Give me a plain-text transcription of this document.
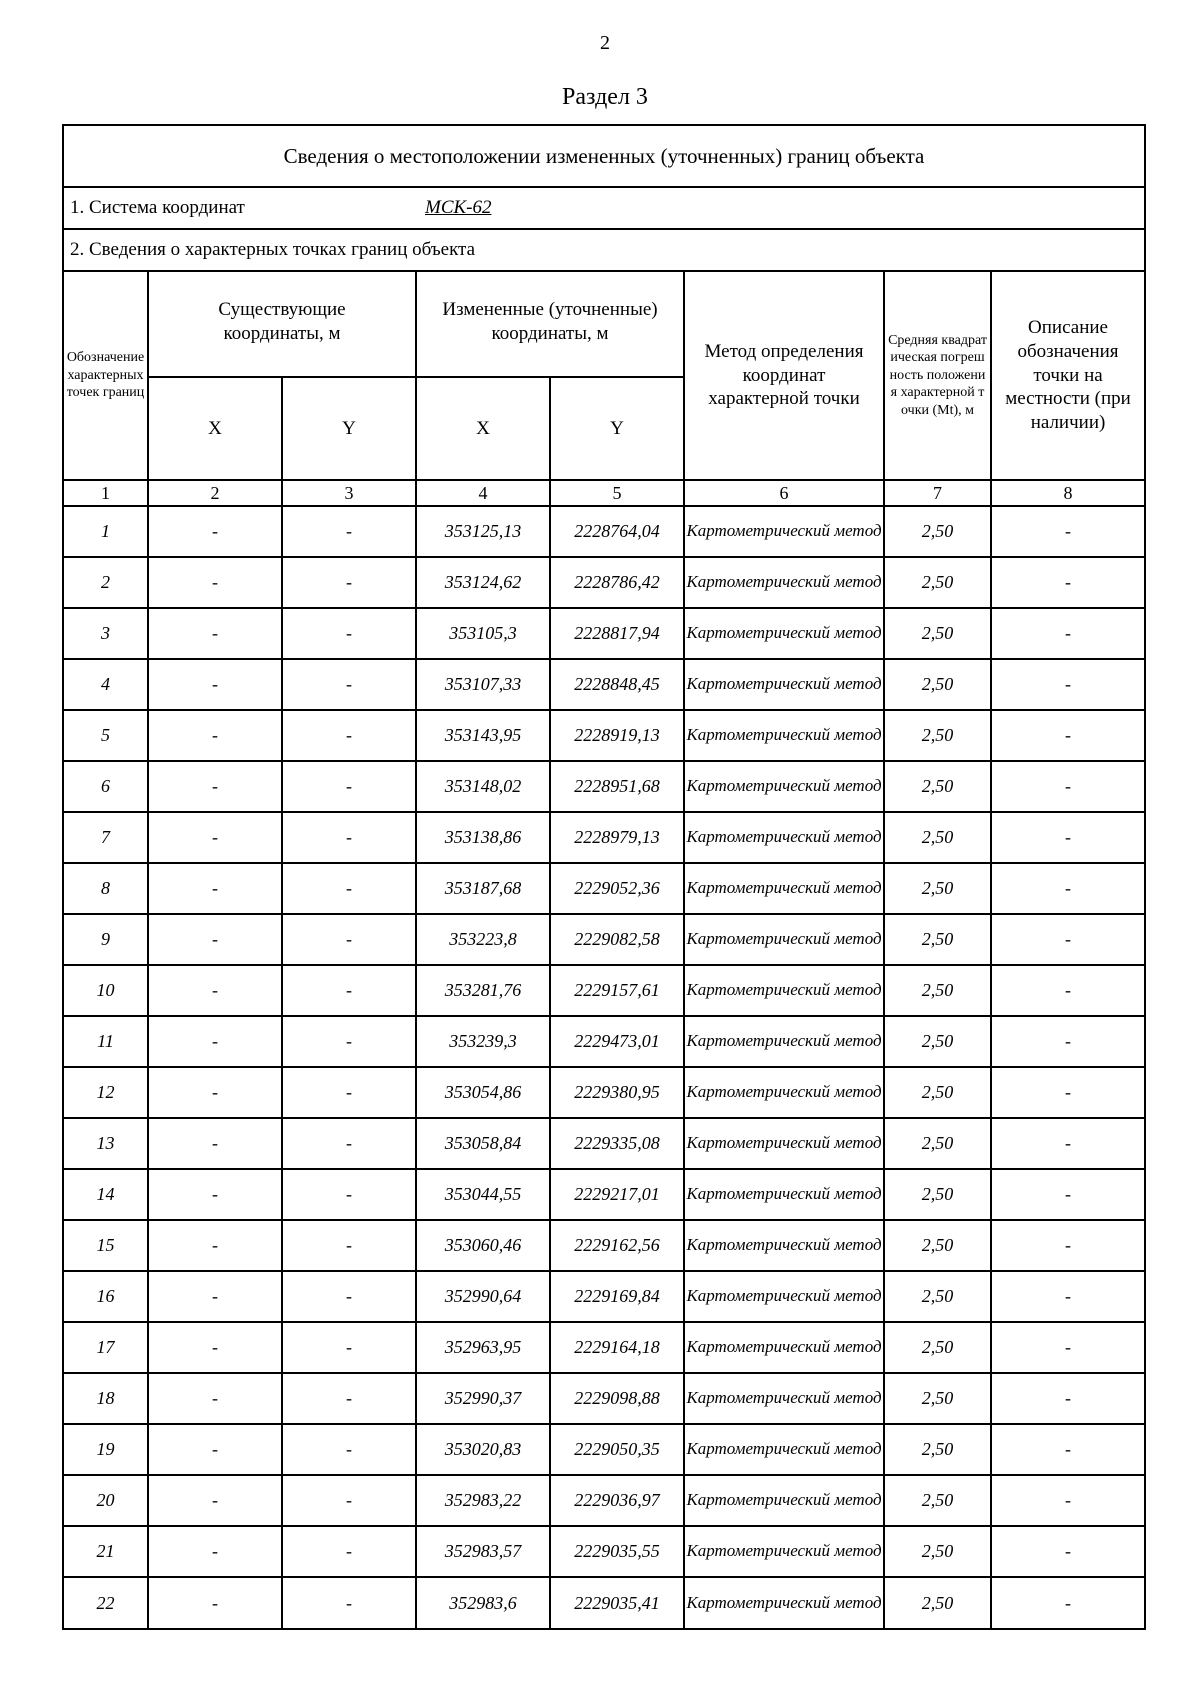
2
Раздел 3
Сведения о местоположении измененных (уточненных) границ объекта
1. Система координат	МСК-62
2. Сведения о характерных точках границ объекта
Обозначение характерных точек границ	Существующие координаты, м		Измененные (уточненные) координаты, м		Метод определения координат характерной точки	Средняя квадратическая погрешность положения характерной точки (Mt), м	Описание обозначения точки на местности (при наличии)
	X	Y	X	Y			
1	2	3	4	5	6	7	8
1	-	-	353125,13	2228764,04	Картометрический метод	2,50	-
2	-	-	353124,62	2228786,42	Картометрический метод	2,50	-
3	-	-	353105,3	2228817,94	Картометрический метод	2,50	-
4	-	-	353107,33	2228848,45	Картометрический метод	2,50	-
5	-	-	353143,95	2228919,13	Картометрический метод	2,50	-
6	-	-	353148,02	2228951,68	Картометрический метод	2,50	-
7	-	-	353138,86	2228979,13	Картометрический метод	2,50	-
8	-	-	353187,68	2229052,36	Картометрический метод	2,50	-
9	-	-	353223,8	2229082,58	Картометрический метод	2,50	-
10	-	-	353281,76	2229157,61	Картометрический метод	2,50	-
11	-	-	353239,3	2229473,01	Картометрический метод	2,50	-
12	-	-	353054,86	2229380,95	Картометрический метод	2,50	-
13	-	-	353058,84	2229335,08	Картометрический метод	2,50	-
14	-	-	353044,55	2229217,01	Картометрический метод	2,50	-
15	-	-	353060,46	2229162,56	Картометрический метод	2,50	-
16	-	-	352990,64	2229169,84	Картометрический метод	2,50	-
17	-	-	352963,95	2229164,18	Картометрический метод	2,50	-
18	-	-	352990,37	2229098,88	Картометрический метод	2,50	-
19	-	-	353020,83	2229050,35	Картометрический метод	2,50	-
20	-	-	352983,22	2229036,97	Картометрический метод	2,50	-
21	-	-	352983,57	2229035,55	Картометрический метод	2,50	-
22	-	-	352983,6	2229035,41	Картометрический метод	2,50	-
